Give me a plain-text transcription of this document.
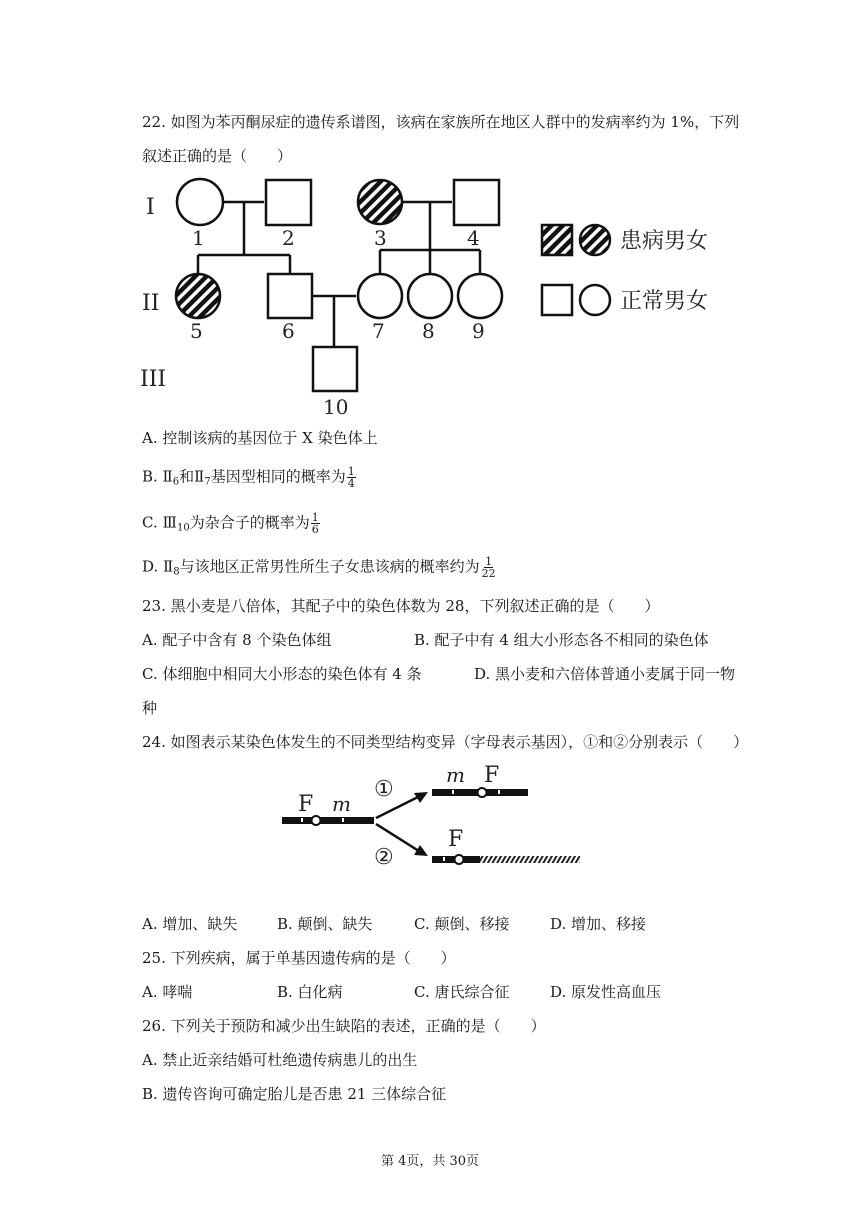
22. 如图为苯丙酮尿症的遗传系谱图，该病在家族所在地区人群中的发病率约为 1%，下列
叙述正确的是（　　）
I
II
III
1	2	3	4
5	6	7 8 9
10
患病男女
正常男女
A. 控制该病的基因位于 X 染色体上
B. $Ⅱ_6$和$Ⅱ_7$基因型相同的概率为 $\frac{1}{4}$
C. $Ⅲ_{10}$为杂合子的概率为 $\frac{1}{6}$
D. $Ⅱ_8$与该地区正常男性所生子女患该病的概率约为 $\frac{1}{22}$
23. 黑小麦是八倍体，其配子中的染色体数为 28，下列叙述正确的是（　　）
A. 配子中含有 8 个染色体组	B. 配子中有 4 组大小形态各不相同的染色体
C. 体细胞中相同大小形态的染色体有 4 条	D. 黑小麦和六倍体普通小麦属于同一物
种
24. 如图表示某染色体发生的不同类型结构变异（字母表示基因），①和②分别表示（　　）
F m
①
②
m F
F
A. 增加、缺失	B. 颠倒、缺失	C. 颠倒、移接	D. 增加、移接
25. 下列疾病，属于单基因遗传病的是（　　）
A. 哮喘	B. 白化病	C. 唐氏综合征	D. 原发性高血压
26. 下列关于预防和减少出生缺陷的表述，正确的是（　　）
A. 禁止近亲结婚可杜绝遗传病患儿的出生
B. 遗传咨询可确定胎儿是否患 21 三体综合征
第 4页，共 30页
